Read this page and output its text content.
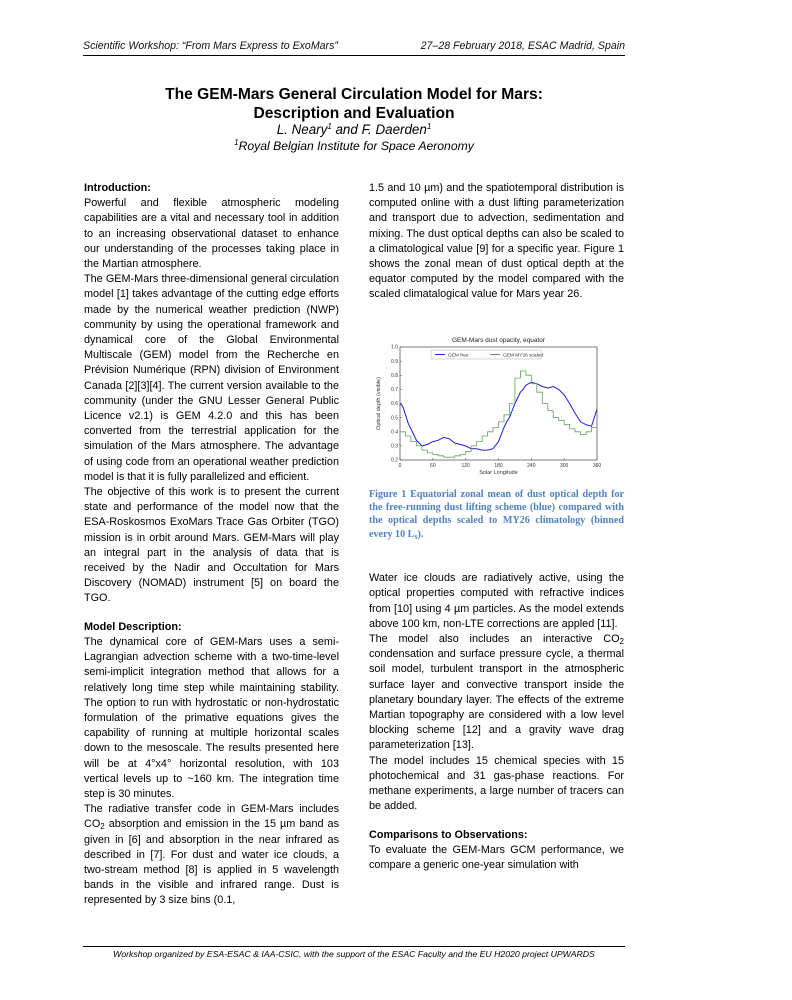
Scientific Workshop: “From Mars Express to ExoMars”	27–28 February 2018, ESAC Madrid, Spain
The GEM-Mars General Circulation Model for Mars:
Description and Evaluation
L. Neary$^1$ and F. Daerden$^1$
$^1$Royal Belgian Institute for Space Aeronomy
Introduction:

Powerful and flexible atmospheric modeling capabilities are a vital and necessary tool in addition to an increasing observational dataset to enhance our understanding of the processes taking place in the Martian atmosphere.

The GEM-Mars three-dimensional general circulation model [1] takes advantage of the cutting edge efforts made by the numerical weather prediction (NWP) community by using the operational framework and dynamical core of the Global Environmental Multiscale (GEM) model from the Recherche en Prévision Numérique (RPN) division of Environment Canada [2][3][4]. The current version available to the community (under the GNU Lesser General Public Licence v2.1) is GEM 4.2.0 and this has been converted from the terrestrial application for the simulation of the Mars atmosphere. The advantage of using code from an operational weather prediction model is that it is fully parallelized and efficient.

The objective of this work is to present the current state and performance of the model now that the ESA-Roskosmos ExoMars Trace Gas Orbiter (TGO) mission is in orbit around Mars. GEM-Mars will play an integral part in the analysis of data that is received by the Nadir and Occultation for Mars Discovery (NOMAD) instrument [5] on board the TGO.

Model Description:

The dynamical core of GEM-Mars uses a semi-Lagrangian advection scheme with a two-time-level semi-implicit integration method that allows for a relatively long time step while maintaining stability. The option to run with hydrostatic or non-hydrostatic formulation of the primative equations gives the capability of running at multiple horizontal scales down to the mesoscale. The results presented here will be at 4°x4° horizontal resolution, with 103 vertical levels up to ~160 km. The integration time step is 30 minutes.

The radiative transfer code in GEM-Mars includes $CO_2$ absorption and emission in the 15 µm band as given in [6] and absorption in the near infrared as described in [7]. For dust and water ice clouds, a two-stream method [8] is applied in 5 wavelength bands in the visible and infrared range. Dust is represented by 3 size bins (0.1,

1.5 and 10 µm) and the spatiotemporal distribution is computed online with a dust lifting parameterization and transport due to advection, sedimentation and mixing. The dust optical depths can also be scaled to a climatological value [9] for a specific year. Figure 1 shows the zonal mean of dust optical depth at the equator computed by the model compared with the scaled climatalogical value for Mars year 26.

GEM-Mars dust opacity, equator
0	60	120	180	240	300	360
0.2
0.3
0.4
0.5
0.6
0.7
0.8
0.9
1.0
Solar Longitude
Optical depth (visible)
GEM free	GEM MY26 scaled

Figure 1 Equatorial zonal mean of dust optical depth for the free-running dust lifting scheme (blue) compared with the optical depths scaled to MY26 climatology (binned every 10 $L_s$).

Water ice clouds are radiatively active, using the optical properties computed with refractive indices from [10] using 4 µm particles. As the model extends above 100 km, non-LTE corrections are appled [11].

The model also includes an interactive $CO_2$ condensation and surface pressure cycle, a thermal soil model, turbulent transport in the atmospheric surface layer and convective transport inside the planetary boundary layer. The effects of the extreme Martian topography are considered with a low level blocking scheme [12] and a gravity wave drag parameterization [13].

The model includes 15 chemical species with 15 photochemical and 31 gas-phase reactions. For methane experiments, a large number of tracers can be added.

Comparisons to Observations:

To evaluate the GEM-Mars GCM performance, we compare a generic one-year simulation with

Workshop organized by ESA-ESAC & IAA-CSIC, with the support of the ESAC Faculty and the EU H2020 project UPWARDS
